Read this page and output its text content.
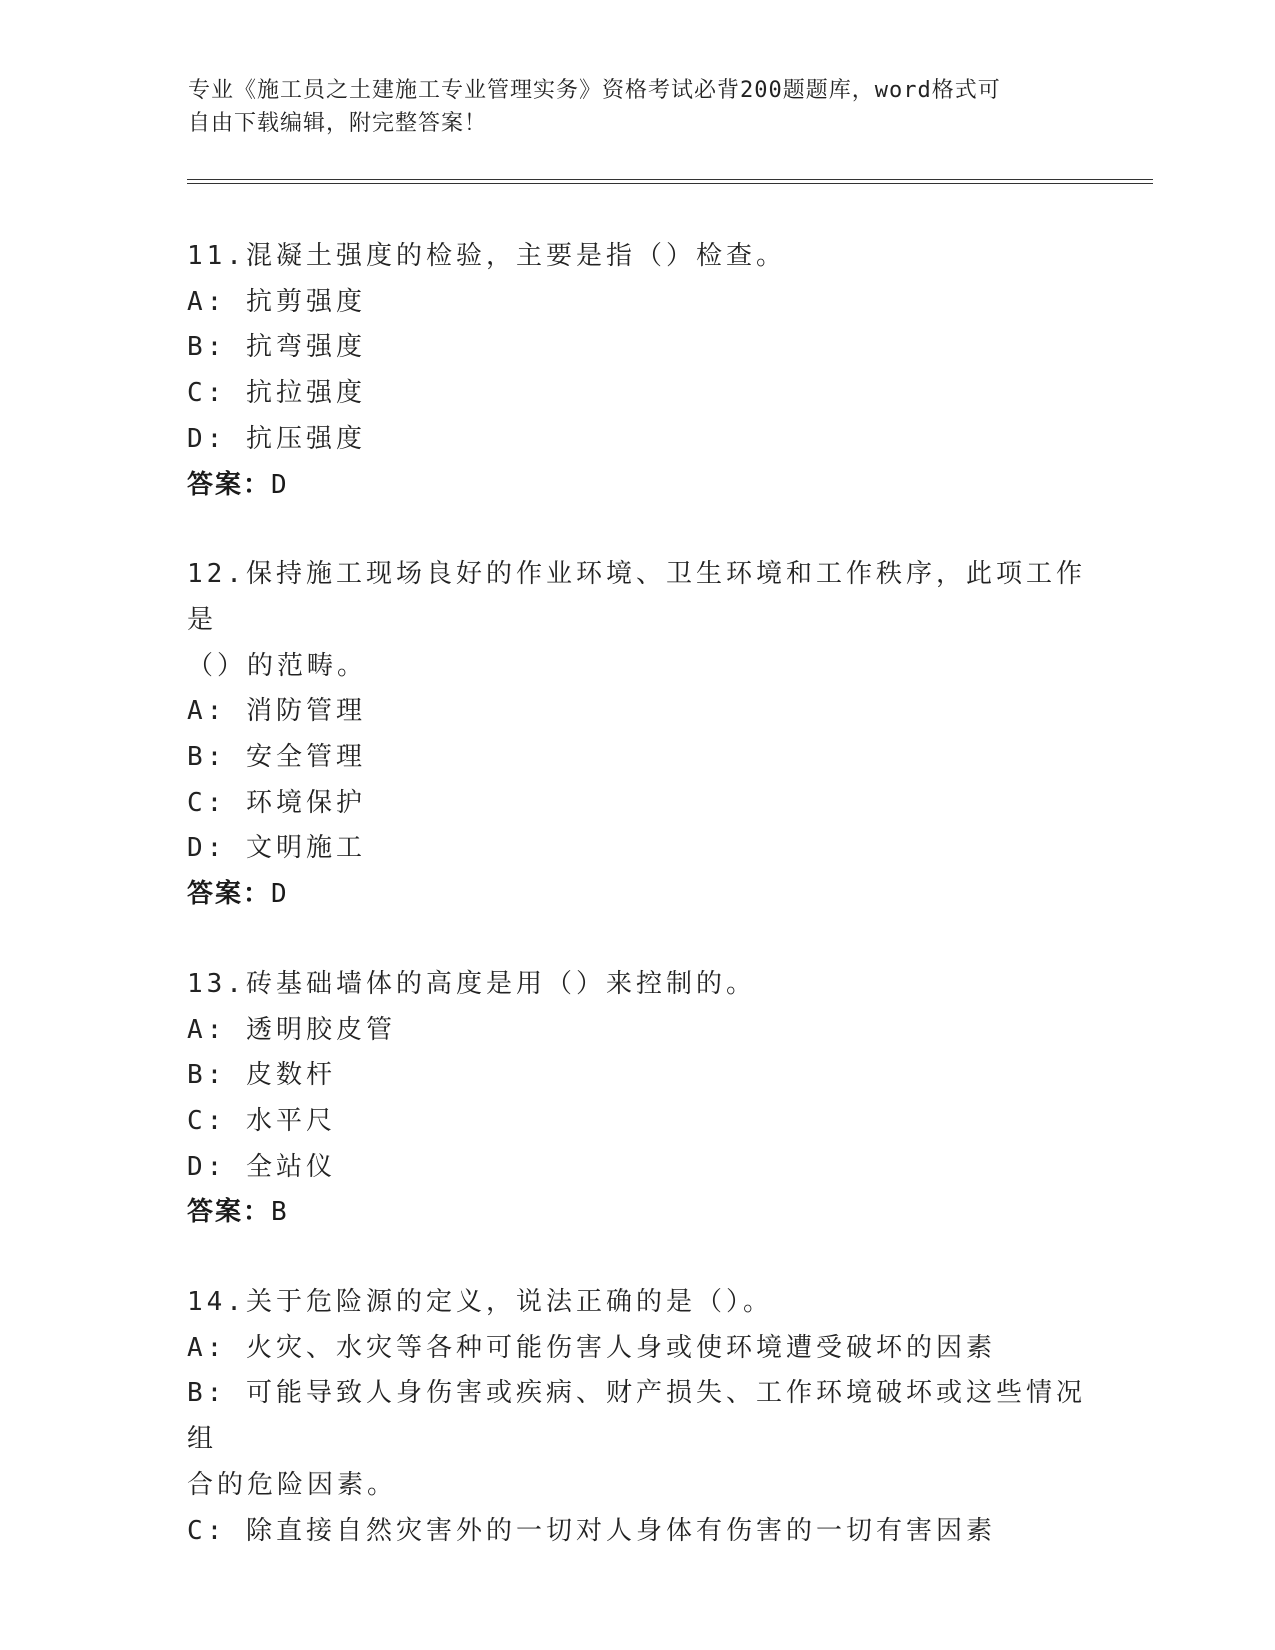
专业《施工员之土建施工专业管理实务》资格考试必背200题题库，word格式可
自由下载编辑，附完整答案！
11.混凝土强度的检验，主要是指（）检查。
A: 抗剪强度
B: 抗弯强度
C: 抗拉强度
D: 抗压强度
答案：D
12.保持施工现场良好的作业环境、卫生环境和工作秩序，此项工作是
（）的范畴。
A: 消防管理
B: 安全管理
C: 环境保护
D: 文明施工
答案：D
13.砖基础墙体的高度是用（）来控制的。
A: 透明胶皮管
B: 皮数杆
C: 水平尺
D: 全站仪
答案：B
14.关于危险源的定义，说法正确的是（）。
A: 火灾、水灾等各种可能伤害人身或使环境遭受破坏的因素
B: 可能导致人身伤害或疾病、财产损失、工作环境破坏或这些情况组
合的危险因素。
C: 除直接自然灾害外的一切对人身体有伤害的一切有害因素
